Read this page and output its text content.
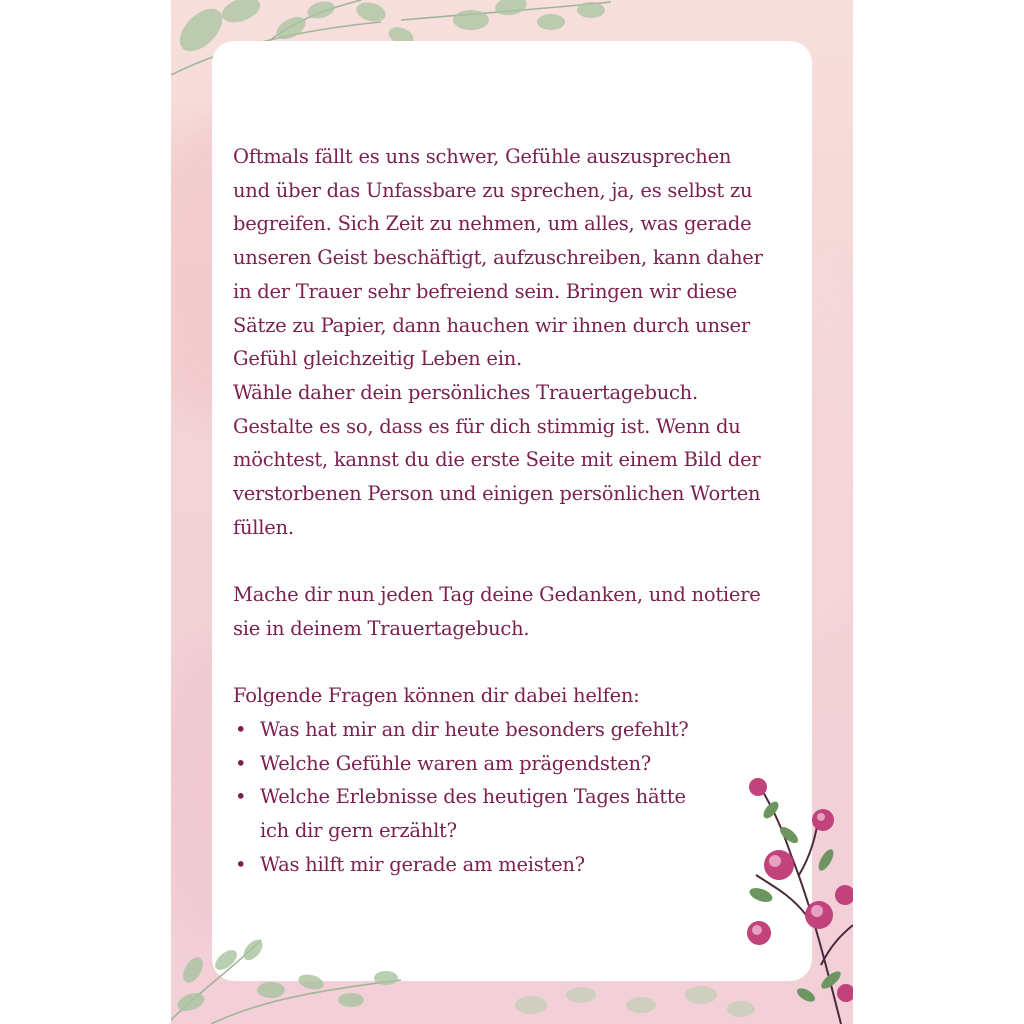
Oftmals fällt es uns schwer, Gefühle auszusprechen

und über das Unfassbare zu sprechen, ja, es selbst zu

begreifen. Sich Zeit zu nehmen, um alles, was gerade

unseren Geist beschäftigt, aufzuschreiben, kann daher

in der Trauer sehr befreiend sein. Bringen wir diese

Sätze zu Papier, dann hauchen wir ihnen durch unser

Gefühl gleichzeitig Leben ein.

Wähle daher dein persönliches Trauertagebuch.

Gestalte es so, dass es für dich stimmig ist. Wenn du

möchtest, kannst du die erste Seite mit einem Bild der

verstorbenen Person und einigen persönlichen Worten

füllen.

Mache dir nun jeden Tag deine Gedanken, und notiere

sie in deinem Trauertagebuch.

Folgende Fragen können dir dabei helfen:

• Was hat mir an dir heute besonders gefehlt?
• Welche Gefühle waren am prägendsten?
• Welche Erlebnisse des heutigen Tages hätte

ich dir gern erzählt?

• Was hilft mir gerade am meisten?
